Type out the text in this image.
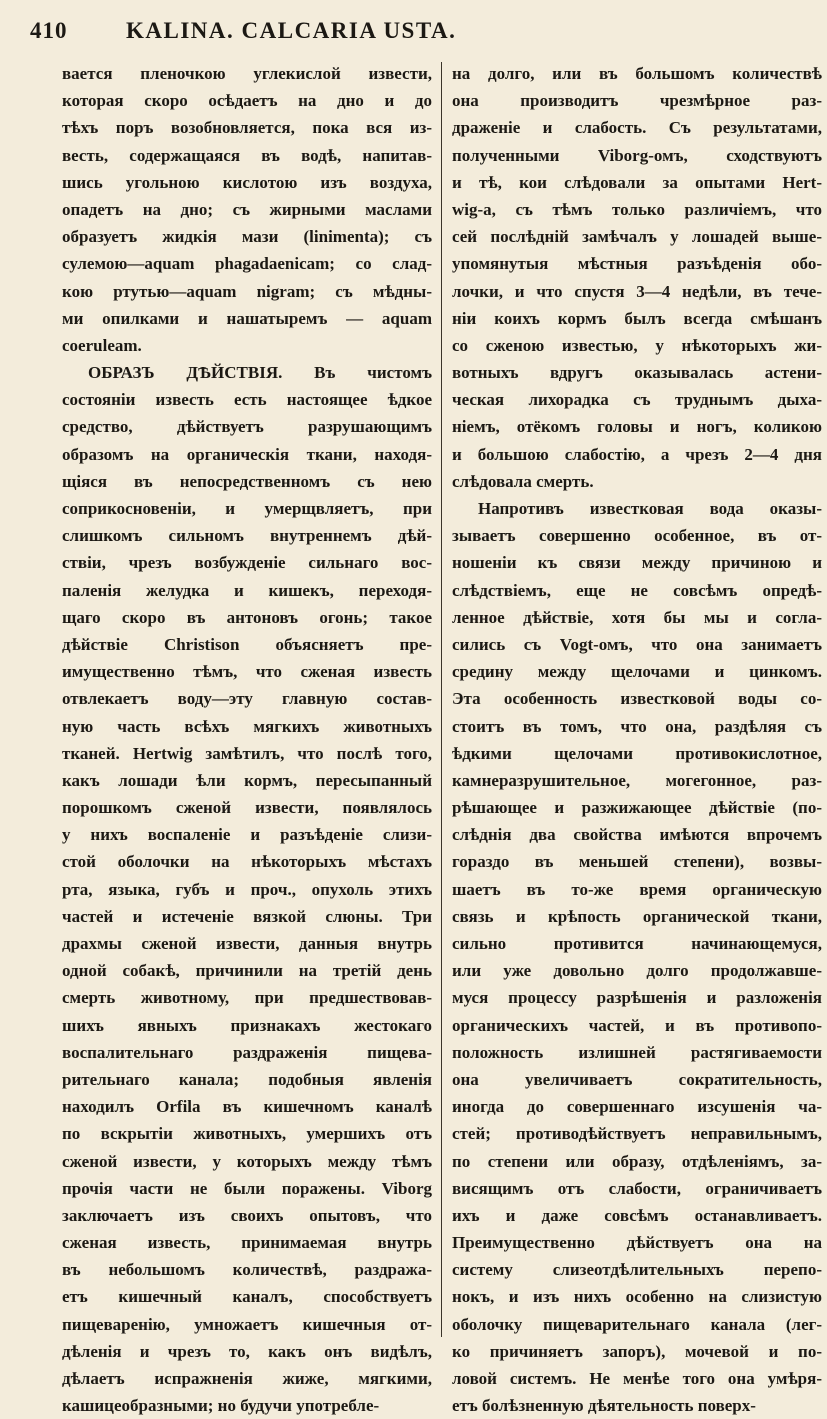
410	KALINA. CALCARIA USTA.
вается пленочкою углекислой извести,
которая скоро осѣдаетъ на дно и до
тѣхъ поръ возобновляется, пока вся из-
весть, содержащаяся въ водѣ, напитав-
шись угольною кислотою изъ воздуха,
опадетъ на дно; съ жирными маслами
образуетъ жидкія мази (linimenta); съ
сулемою—aquam phagadaenicam; со слад-
кою ртутью—aquam nigram; съ мѣдны-
ми опилками и нашатыремъ — aquam
coeruleam.
ОБРАЗЪ ДѢЙСТВІЯ. Въ чистомъ
состояніи известь есть настоящее ѣдкое
средство, дѣйствуетъ разрушающимъ
образомъ на органическія ткани, находя-
щіяся въ непосредственномъ съ нею
соприкосновеніи, и умерщвляетъ, при
слишкомъ сильномъ внутреннемъ дѣй-
ствіи, чрезъ возбужденіе сильнаго вос-
паленія желудка и кишекъ, переходя-
щаго скоро въ антоновъ огонь; такое
дѣйствіе Christison объясняетъ пре-
имущественно тѣмъ, что сженая известь
отвлекаетъ воду—эту главную состав-
ную часть всѣхъ мягкихъ животныхъ
тканей. Hertwig замѣтилъ, что послѣ того,
какъ лошади ѣли кормъ, пересыпанный
порошкомъ сженой извести, появлялось
у нихъ воспаленіе и разъѣденіе слизи-
стой оболочки на нѣкоторыхъ мѣстахъ
рта, языка, губъ и проч., опухоль этихъ
частей и истеченіе вязкой слюны. Три
драхмы сженой извести, данныя внутрь
одной собакѣ, причинили на третій день
смерть животному, при предшествовав-
шихъ явныхъ признакахъ жестокаго
воспалительнаго раздраженія пищева-
рительнаго канала; подобныя явленія
находилъ Orfila въ кишечномъ каналѣ
по вскрытіи животныхъ, умершихъ отъ
сженой извести, у которыхъ между тѣмъ
прочія части не были поражены. Viborg
заключаетъ изъ своихъ опытовъ, что
сженая известь, принимаемая внутрь
въ небольшомъ количествѣ, раздража-
етъ кишечный каналъ, способствуетъ
пищеваренію, умножаетъ кишечныя от-
дѣленія и чрезъ то, какъ онъ видѣлъ,
дѣлаетъ испражненія жиже, мягкими,
кашицеобразными; но будучи употребле-
на долго, или въ большомъ количествѣ
она производитъ чрезмѣрное раз-
драженіе и слабость. Съ результатами,
полученными Viborg-омъ, сходствуютъ
и тѣ, кои слѣдовали за опытами Hert-
wig-a, съ тѣмъ только различіемъ, что
сей послѣдній замѣчалъ у лошадей выше-
упомянутыя мѣстныя разъѣденія обо-
лочки, и что спустя 3—4 недѣли, въ тече-
ніи коихъ кормъ былъ всегда смѣшанъ
со сженою известью, у нѣкоторыхъ жи-
вотныхъ вдругъ оказывалась астени-
ческая лихорадка съ труднымъ дыха-
ніемъ, отёкомъ головы и ногъ, коликою
и большою слабостію, а чрезъ 2—4 дня
слѣдовала смерть.
Напротивъ известковая вода оказы-
зываетъ совершенно особенное, въ от-
ношеніи къ связи между причиною и
слѣдствіемъ, еще не совсѣмъ опредѣ-
ленное дѣйствіе, хотя бы мы и согла-
сились съ Vogt-омъ, что она занимаетъ
средину между щелочами и цинкомъ.
Эта особенность известковой воды со-
стоитъ въ томъ, что она, раздѣляя съ
ѣдкими щелочами противокислотное,
камнеразрушительное, могегонное, раз-
рѣшающее и разжижающее дѣйствіе (по-
слѣднія два свойства имѣются впрочемъ
гораздо въ меньшей степени), возвы-
шаетъ въ то-же время органическую
связь и крѣпость органической ткани,
сильно противится начинающемуся,
или уже довольно долго продолжавше-
муся процессу разрѣшенія и разложенія
органическихъ частей, и въ противопо-
положность излишней растягиваемости
она увеличиваетъ сократительность,
иногда до совершеннаго изсушенія ча-
стей; противодѣйствуетъ неправильнымъ,
по степени или образу, отдѣленіямъ, за-
висящимъ отъ слабости, ограничиваетъ
ихъ и даже совсѣмъ останавливаетъ.
Преимущественно дѣйствуетъ она на
систему слизеотдѣлительныхъ перепо-
нокъ, и изъ нихъ особенно на слизистую
оболочку пищеварительнаго канала (лег-
ко причиняетъ запоръ), мочевой и по-
ловой системъ. Не менѣе того она умѣря-
етъ болѣзненную дѣятельность поверх-
